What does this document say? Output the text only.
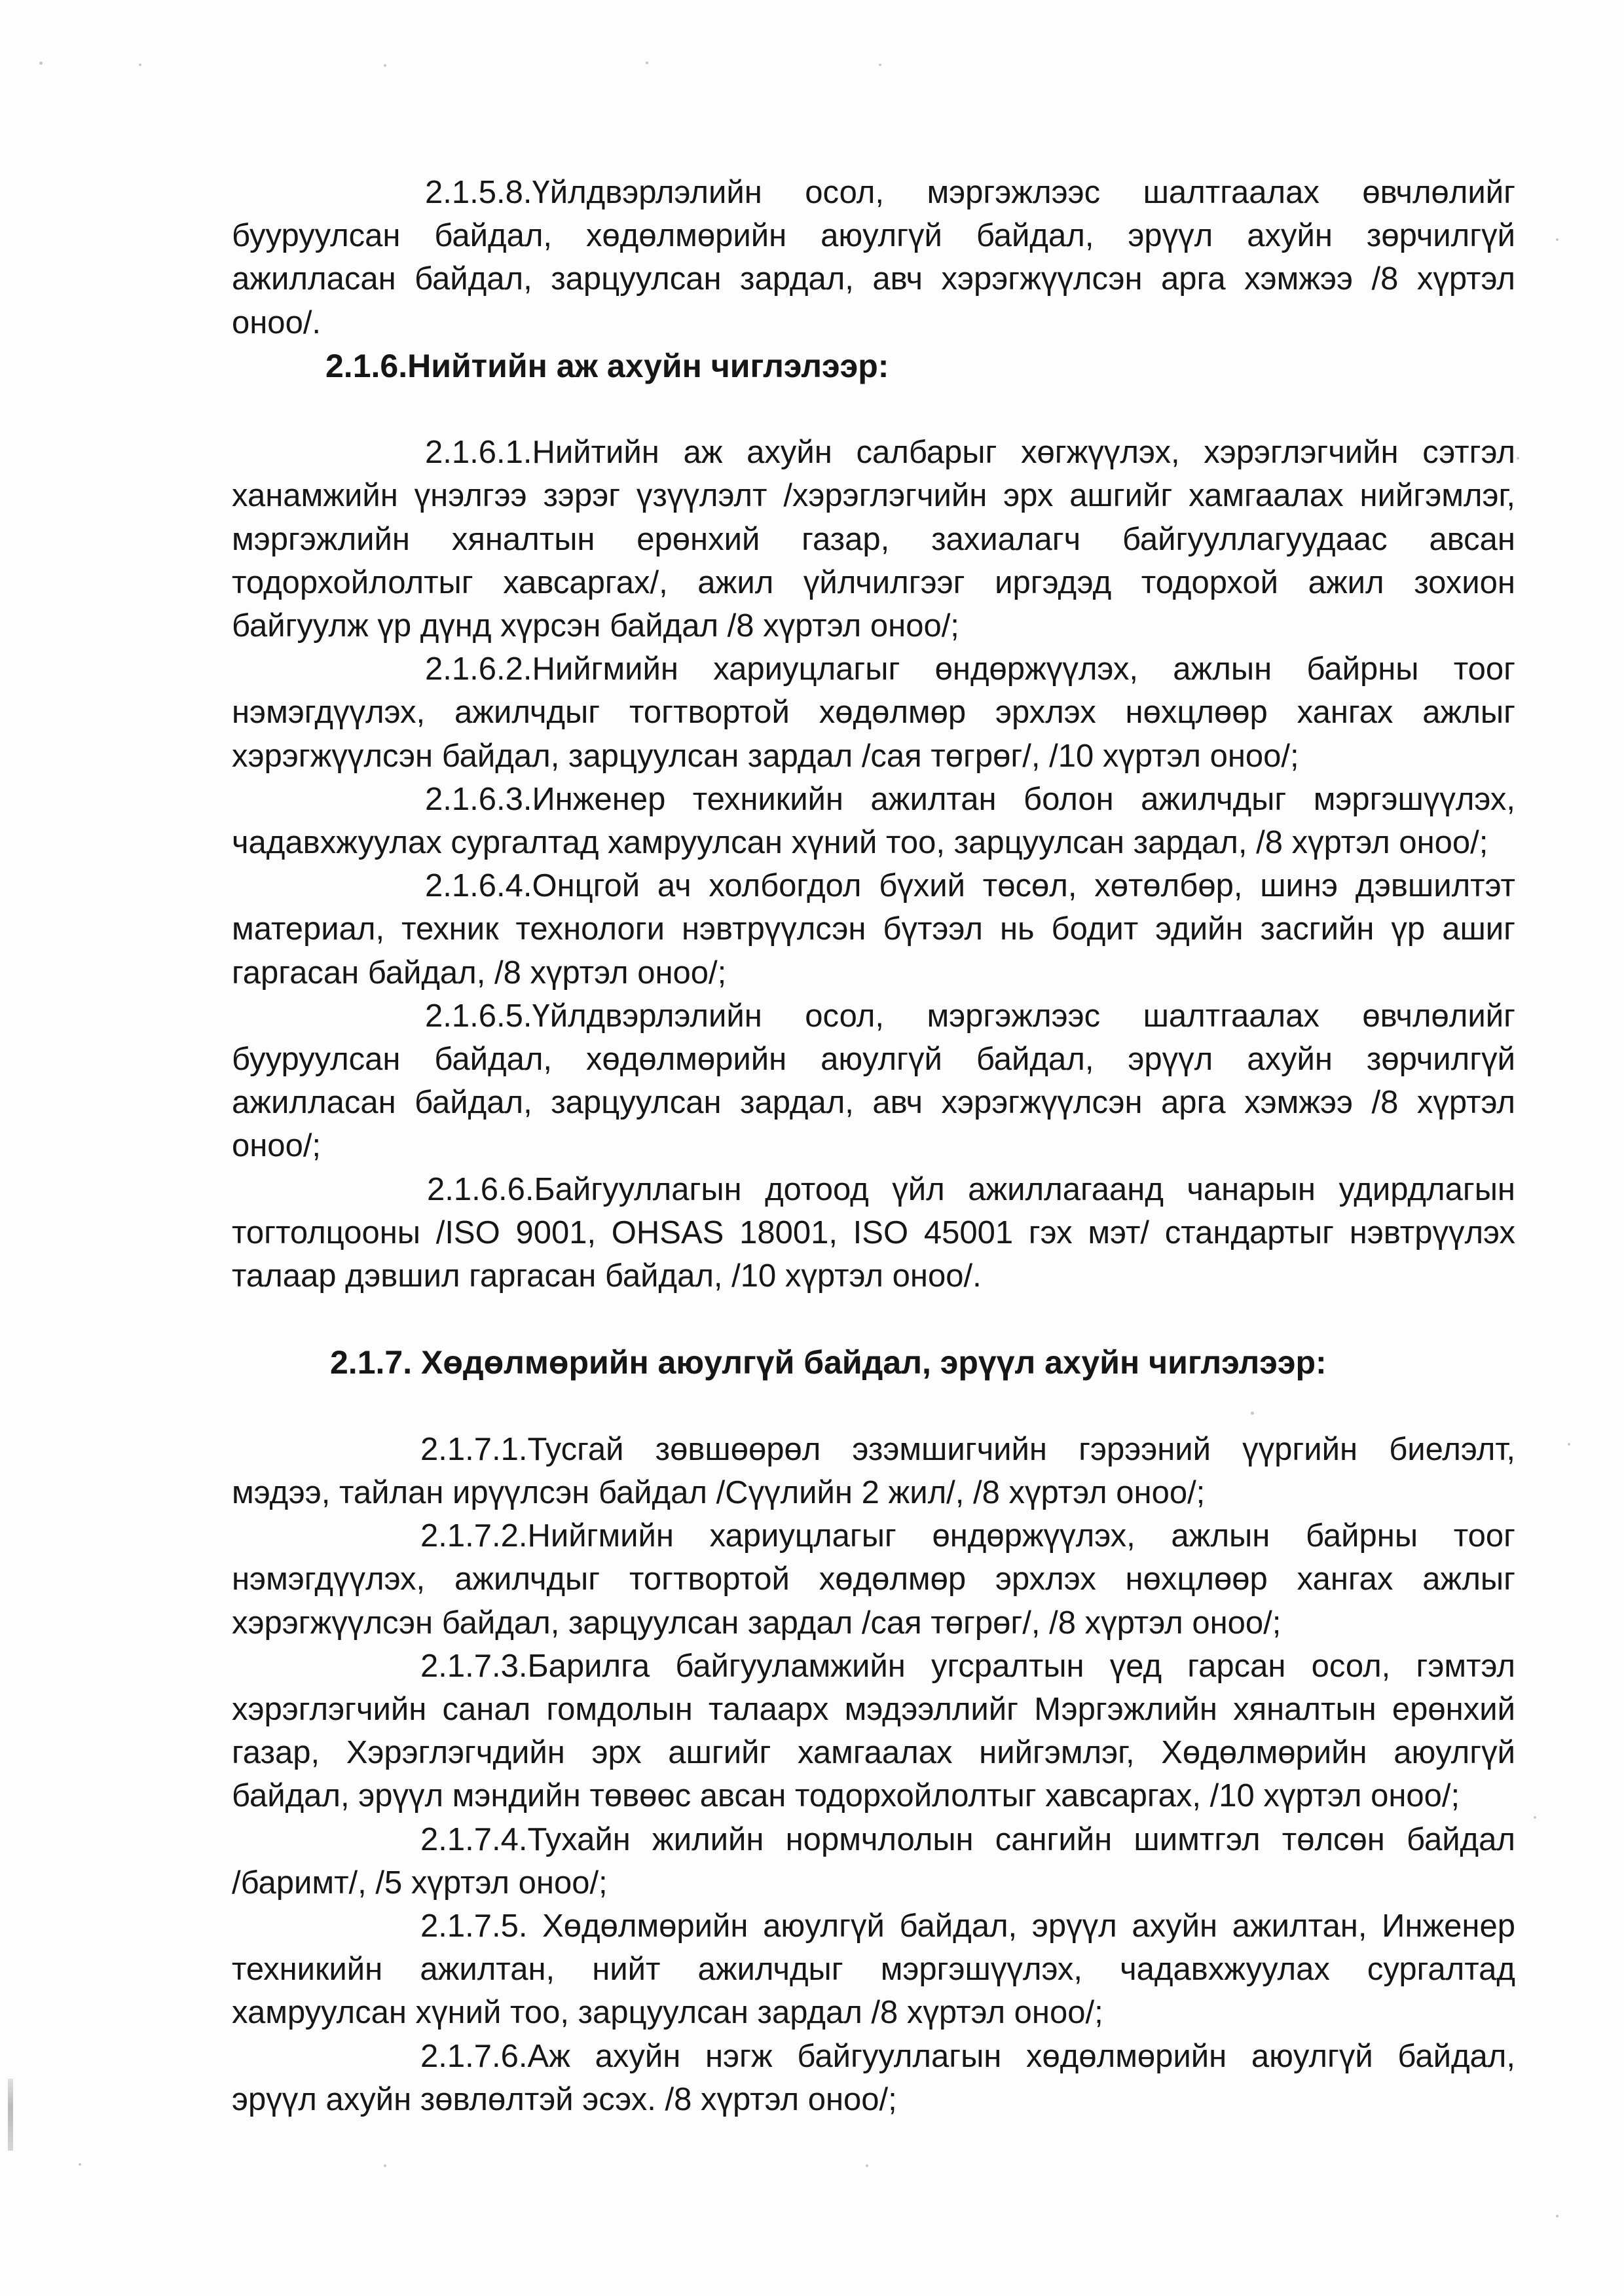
2.1.5.8.Үйлдвэрлэлийн осол, мэргэжлээс шалтгаалах өвчлөлийг
бууруулсан байдал, хөдөлмөрийн аюулгүй байдал, эрүүл ахуйн зөрчилгүй
ажилласан байдал, зарцуулсан зардал, авч хэрэгжүүлсэн арга хэмжээ /8 хүртэл
оноо/.
2.1.6.Нийтийн аж ахуйн чиглэлээр:
2.1.6.1.Нийтийн аж ахуйн салбарыг хөгжүүлэх, хэрэглэгчийн сэтгэл
ханамжийн үнэлгээ зэрэг үзүүлэлт /хэрэглэгчийн эрх ашгийг хамгаалах нийгэмлэг,
мэргэжлийн хяналтын ерөнхий газар, захиалагч байгууллагуудаас авсан
тодорхойлолтыг хавсаргах/, ажил үйлчилгээг иргэдэд тодорхой ажил зохион
байгуулж үр дүнд хүрсэн байдал /8 хүртэл оноо/;
2.1.6.2.Нийгмийн хариуцлагыг өндөржүүлэх, ажлын байрны тоог
нэмэгдүүлэх, ажилчдыг тогтвортой хөдөлмөр эрхлэх нөхцлөөр хангах ажлыг
хэрэгжүүлсэн байдал, зарцуулсан зардал /сая төгрөг/, /10 хүртэл оноо/;
2.1.6.3.Инженер техникийн ажилтан болон ажилчдыг мэргэшүүлэх,
чадавхжуулах сургалтад хамруулсан хүний тоо, зарцуулсан зардал, /8 хүртэл оноо/;
2.1.6.4.Онцгой ач холбогдол бүхий төсөл, хөтөлбөр, шинэ дэвшилтэт
материал, техник технологи нэвтрүүлсэн бүтээл нь бодит эдийн засгийн үр ашиг
гаргасан байдал, /8 хүртэл оноо/;
2.1.6.5.Үйлдвэрлэлийн осол, мэргэжлээс шалтгаалах өвчлөлийг
бууруулсан байдал, хөдөлмөрийн аюулгүй байдал, эрүүл ахуйн зөрчилгүй
ажилласан байдал, зарцуулсан зардал, авч хэрэгжүүлсэн арга хэмжээ /8 хүртэл
оноо/;
2.1.6.6.Байгууллагын дотоод үйл ажиллагаанд чанарын удирдлагын
тогтолцооны /ISO 9001, OHSAS 18001, ISO 45001 гэх мэт/ стандартыг нэвтрүүлэх
талаар дэвшил гаргасан байдал, /10 хүртэл оноо/.
2.1.7. Хөдөлмөрийн аюулгүй байдал, эрүүл ахуйн чиглэлээр:
2.1.7.1.Тусгай зөвшөөрөл эзэмшигчийн гэрээний үүргийн биелэлт,
мэдээ, тайлан ирүүлсэн байдал /Сүүлийн 2 жил/, /8 хүртэл оноо/;
2.1.7.2.Нийгмийн хариуцлагыг өндөржүүлэх, ажлын байрны тоог
нэмэгдүүлэх, ажилчдыг тогтвортой хөдөлмөр эрхлэх нөхцлөөр хангах ажлыг
хэрэгжүүлсэн байдал, зарцуулсан зардал /сая төгрөг/, /8 хүртэл оноо/;
2.1.7.3.Барилга байгууламжийн угсралтын үед гарсан осол, гэмтэл
хэрэглэгчийн санал гомдолын талаарх мэдээллийг Мэргэжлийн хяналтын ерөнхий
газар, Хэрэглэгчдийн эрх ашгийг хамгаалах нийгэмлэг, Хөдөлмөрийн аюулгүй
байдал, эрүүл мэндийн төвөөс авсан тодорхойлолтыг хавсаргах, /10 хүртэл оноо/;
2.1.7.4.Тухайн жилийн нормчлолын сангийн шимтгэл төлсөн байдал
/баримт/, /5 хүртэл оноо/;
2.1.7.5. Хөдөлмөрийн аюулгүй байдал, эрүүл ахуйн ажилтан, Инженер
техникийн ажилтан, нийт ажилчдыг мэргэшүүлэх, чадавхжуулах сургалтад
хамруулсан хүний тоо, зарцуулсан зардал /8 хүртэл оноо/;
2.1.7.6.Аж ахуйн нэгж байгууллагын хөдөлмөрийн аюулгүй байдал,
эрүүл ахуйн зөвлөлтэй эсэх. /8 хүртэл оноо/;
